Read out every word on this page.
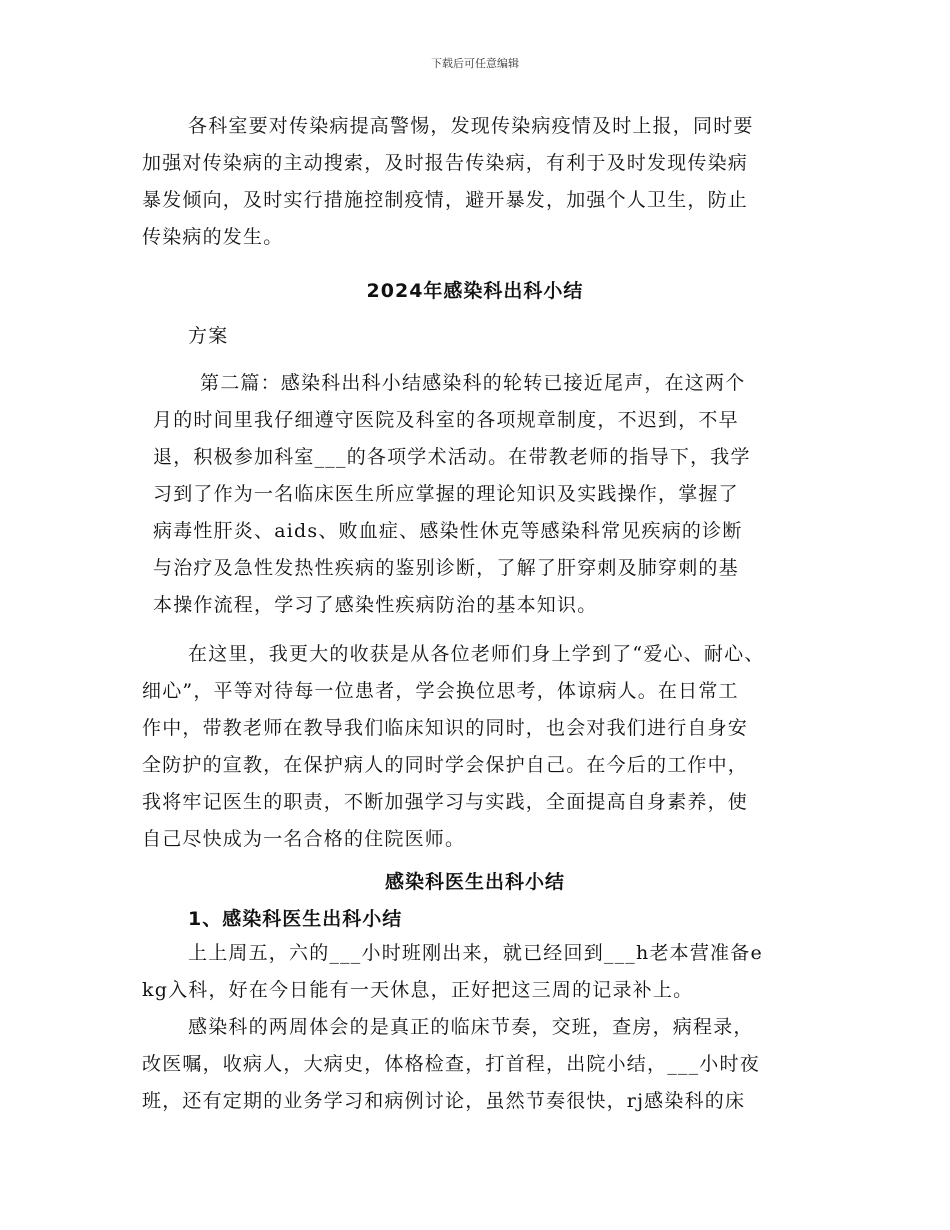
下载后可任意编辑
各科室要对传染病提高警惕，发现传染病疫情及时上报，同时要
加强对传染病的主动搜索，及时报告传染病，有利于及时发现传染病
暴发倾向，及时实行措施控制疫情，避开暴发，加强个人卫生，防止
传染病的发生。
2024年感染科出科小结
方案
第二篇：感染科出科小结感染科的轮转已接近尾声，在这两个
月的时间里我仔细遵守医院及科室的各项规章制度，不迟到，不早
退，积极参加科室___的各项学术活动。在带教老师的指导下，我学
习到了作为一名临床医生所应掌握的理论知识及实践操作，掌握了
病毒性肝炎、aids、败血症、感染性休克等感染科常见疾病的诊断
与治疗及急性发热性疾病的鉴别诊断，了解了肝穿刺及肺穿刺的基
本操作流程，学习了感染性疾病防治的基本知识。
在这里，我更大的收获是从各位老师们身上学到了“爱心、耐心、
细心”，平等对待每一位患者，学会换位思考，体谅病人。在日常工
作中，带教老师在教导我们临床知识的同时，也会对我们进行自身安
全防护的宣教，在保护病人的同时学会保护自己。在今后的工作中，
我将牢记医生的职责，不断加强学习与实践，全面提高自身素养，使
自己尽快成为一名合格的住院医师。
感染科医生出科小结
1、感染科医生出科小结
上上周五，六的___小时班刚出来，就已经回到___h老本营准备e
kg入科，好在今日能有一天休息，正好把这三周的记录补上。
感染科的两周体会的是真正的临床节奏，交班，查房，病程录，
改医嘱，收病人，大病史，体格检查，打首程，出院小结，___小时夜
班，还有定期的业务学习和病例讨论，虽然节奏很快，rj感染科的床
